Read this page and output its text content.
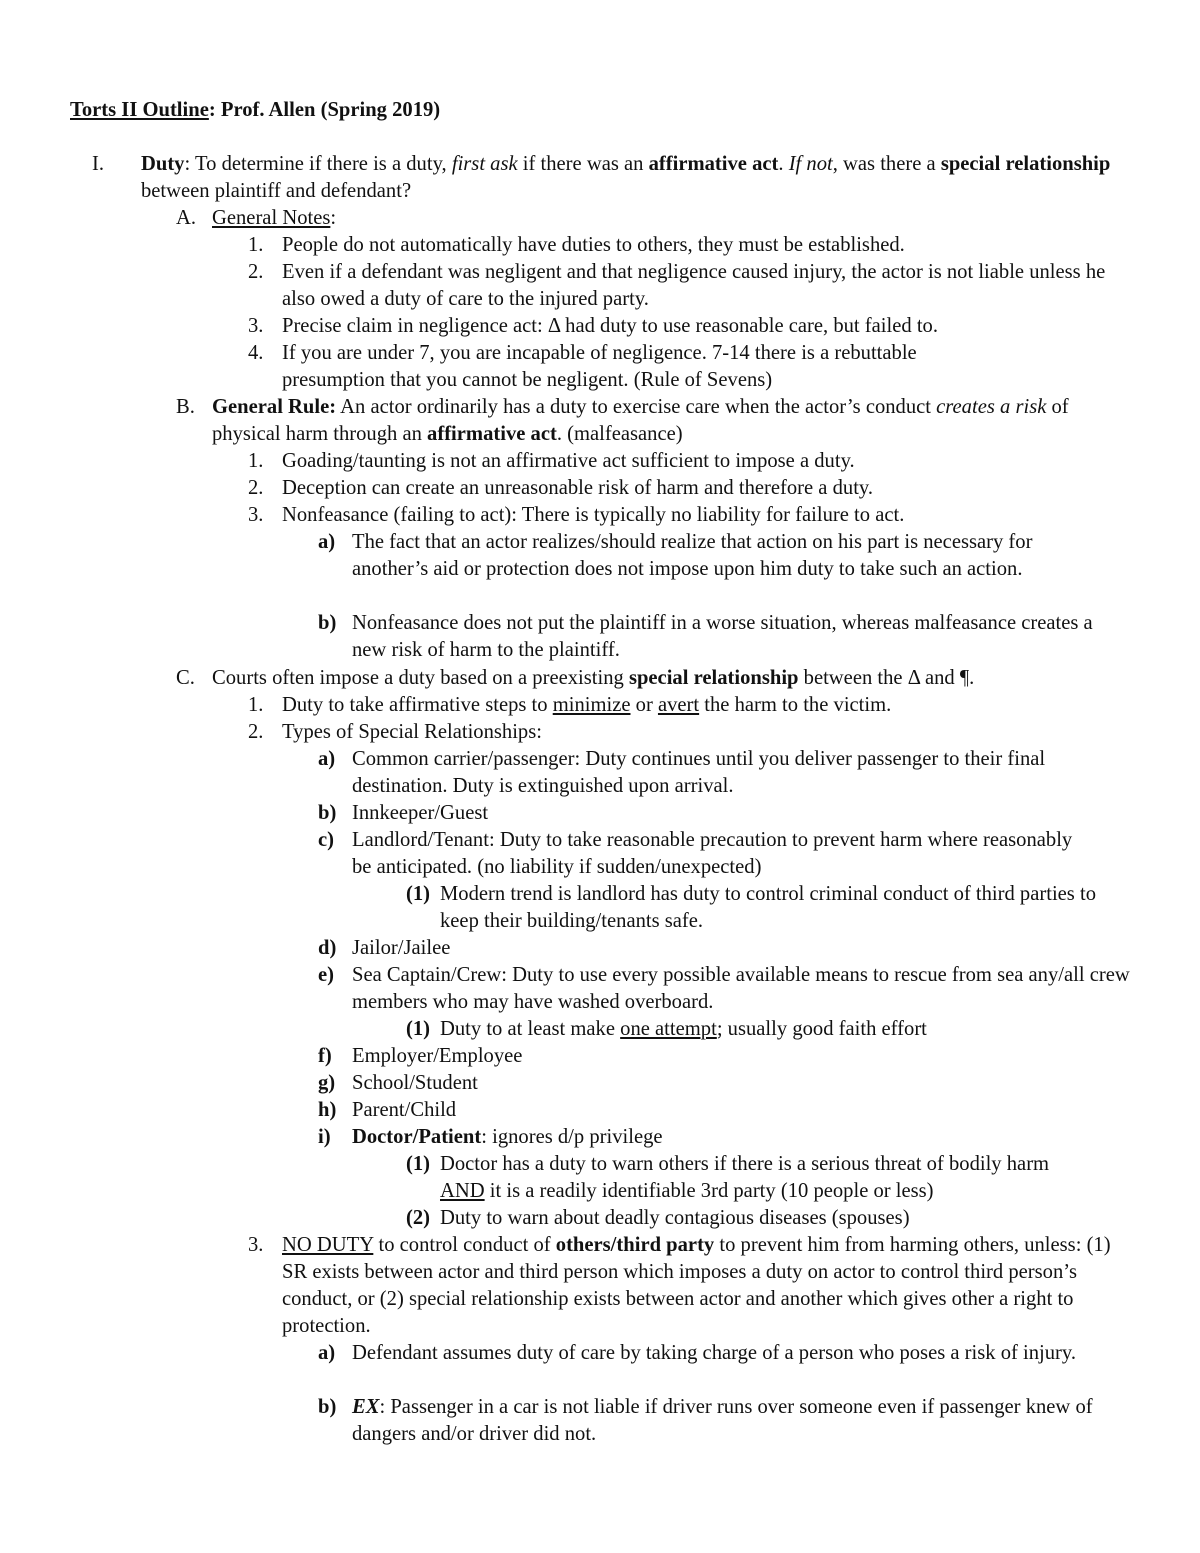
Torts II Outline: Prof. Allen (Spring 2019)
I.	Duty: To determine if there is a duty, first ask if there was an affirmative act. If not, was there a special relationship between plaintiff and defendant?
A. General Notes:
1. People do not automatically have duties to others, they must be established.
2. Even if a defendant was negligent and that negligence caused injury, the actor is not liable unless he also owed a duty of care to the injured party.
3. Precise claim in negligence act: Δ had duty to use reasonable care, but failed to.
4. If you are under 7, you are incapable of negligence. 7-14 there is a rebuttable presumption that you cannot be negligent. (Rule of Sevens)
B. General Rule: An actor ordinarily has a duty to exercise care when the actor’s conduct creates a risk of physical harm through an affirmative act. (malfeasance)
1. Goading/taunting is not an affirmative act sufficient to impose a duty.
2. Deception can create an unreasonable risk of harm and therefore a duty.
3. Nonfeasance (failing to act): There is typically no liability for failure to act.
a) The fact that an actor realizes/should realize that action on his part is necessary for another’s aid or protection does not impose upon him duty to take such an action.
b) Nonfeasance does not put the plaintiff in a worse situation, whereas malfeasance creates a new risk of harm to the plaintiff.
C. Courts often impose a duty based on a preexisting special relationship between the Δ and ¶.
1. Duty to take affirmative steps to minimize or avert the harm to the victim.
2. Types of Special Relationships:
a) Common carrier/passenger: Duty continues until you deliver passenger to their final destination. Duty is extinguished upon arrival.
b) Innkeeper/Guest
c) Landlord/Tenant: Duty to take reasonable precaution to prevent harm where reasonably be anticipated. (no liability if sudden/unexpected)
(1) Modern trend is landlord has duty to control criminal conduct of third parties to keep their building/tenants safe.
d) Jailor/Jailee
e) Sea Captain/Crew: Duty to use every possible available means to rescue from sea any/all crew members who may have washed overboard.
(1) Duty to at least make one attempt; usually good faith effort
f) Employer/Employee
g) School/Student
h) Parent/Child
i)	Doctor/Patient: ignores d/p privilege
(1) Doctor has a duty to warn others if there is a serious threat of bodily harm AND it is a readily identifiable 3rd party (10 people or less)
(2) Duty to warn about deadly contagious diseases (spouses)
3. NO DUTY to control conduct of others/third party to prevent him from harming others, unless: (1) SR exists between actor and third person which imposes a duty on actor to control third person’s conduct, or (2) special relationship exists between actor and another which gives other a right to protection.
a) Defendant assumes duty of care by taking charge of a person who poses a risk of injury.
b) EX: Passenger in a car is not liable if driver runs over someone even if passenger knew of dangers and/or driver did not.
